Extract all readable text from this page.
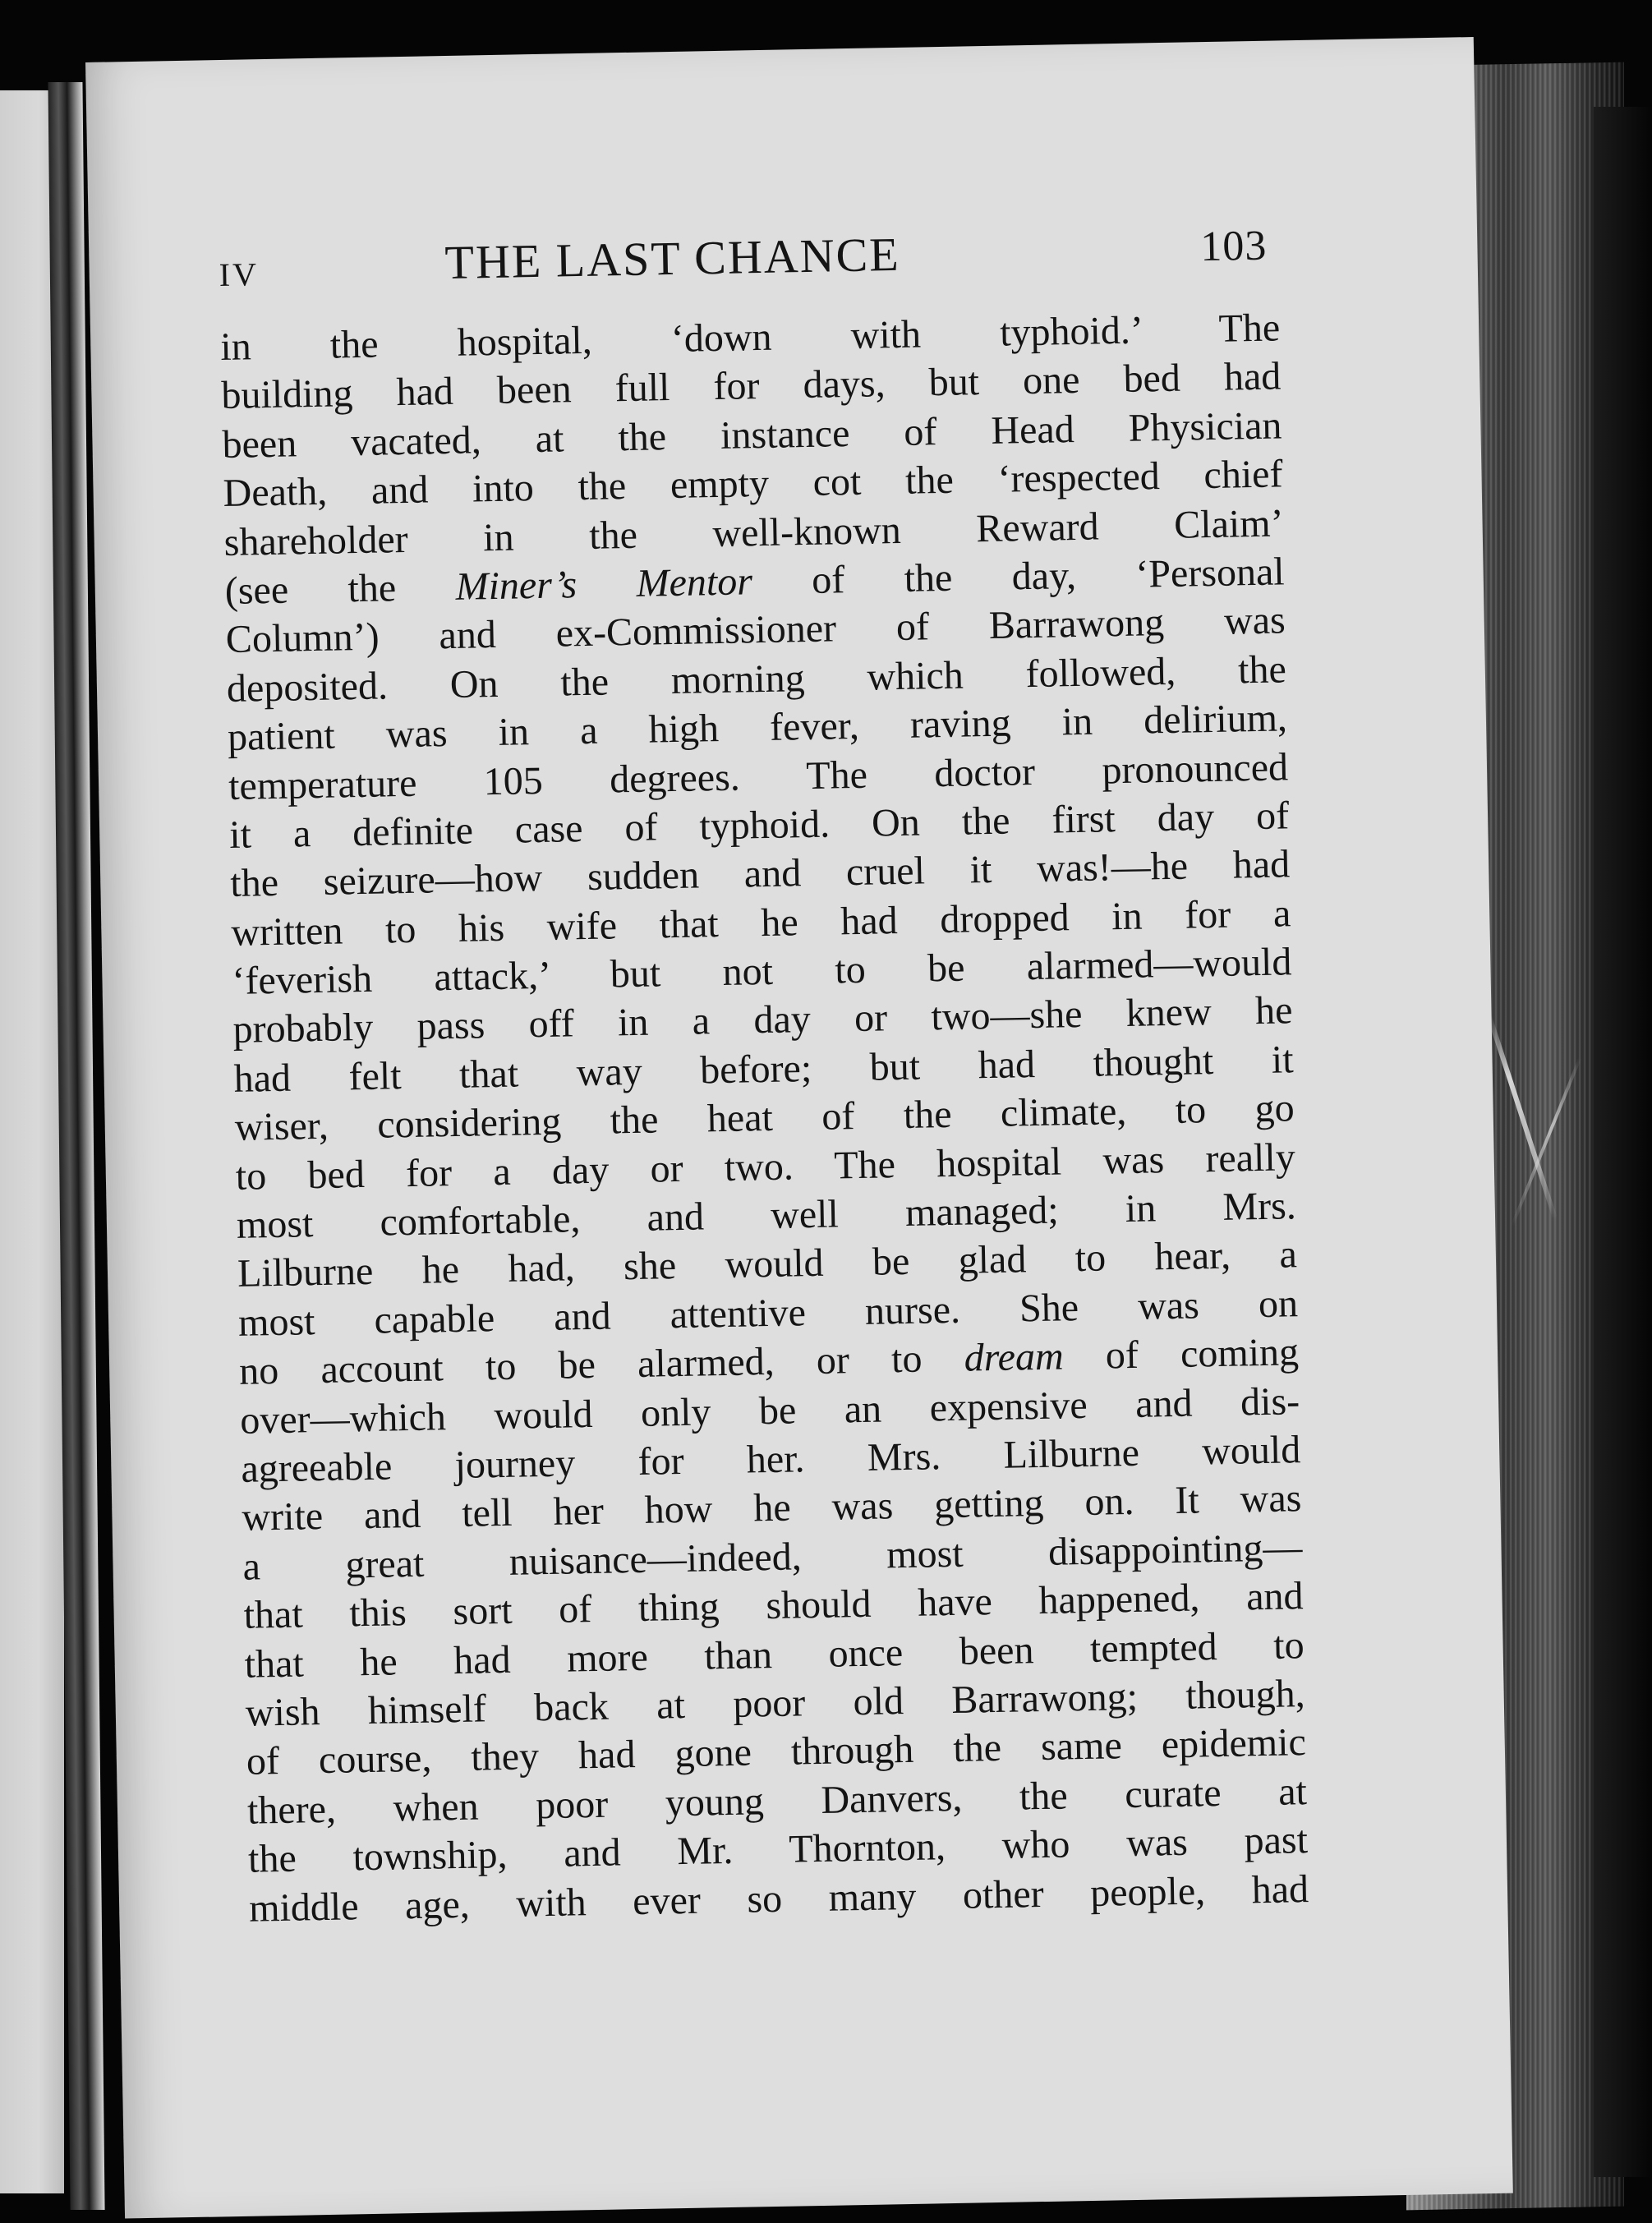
IV	THE LAST CHANCE	103
in the hospital, ‘down with typhoid.’ The
building had been full for days, but one bed had
been vacated, at the instance of Head Physician
Death, and into the empty cot the ‘respected chief
shareholder in the well-known Reward Claim’
(see the Miner’s Mentor of the day, ‘Personal
Column’) and ex-Commissioner of Barrawong was
deposited. On the morning which followed, the
patient was in a high fever, raving in delirium,
temperature 105 degrees. The doctor pronounced
it a definite case of typhoid. On the first day of
the seizure—how sudden and cruel it was!—he had
written to his wife that he had dropped in for a
‘feverish attack,’ but not to be alarmed—would
probably pass off in a day or two—she knew he
had felt that way before; but had thought it
wiser, considering the heat of the climate, to go
to bed for a day or two. The hospital was really
most comfortable, and well managed; in Mrs.
Lilburne he had, she would be glad to hear, a
most capable and attentive nurse. She was on
no account to be alarmed, or to dream of coming
over—which would only be an expensive and dis-
agreeable journey for her. Mrs. Lilburne would
write and tell her how he was getting on. It was
a great nuisance—indeed, most disappointing—
that this sort of thing should have happened, and
that he had more than once been tempted to
wish himself back at poor old Barrawong; though,
of course, they had gone through the same epidemic
there, when poor young Danvers, the curate at
the township, and Mr. Thornton, who was past
middle age, with ever so many other people, had
